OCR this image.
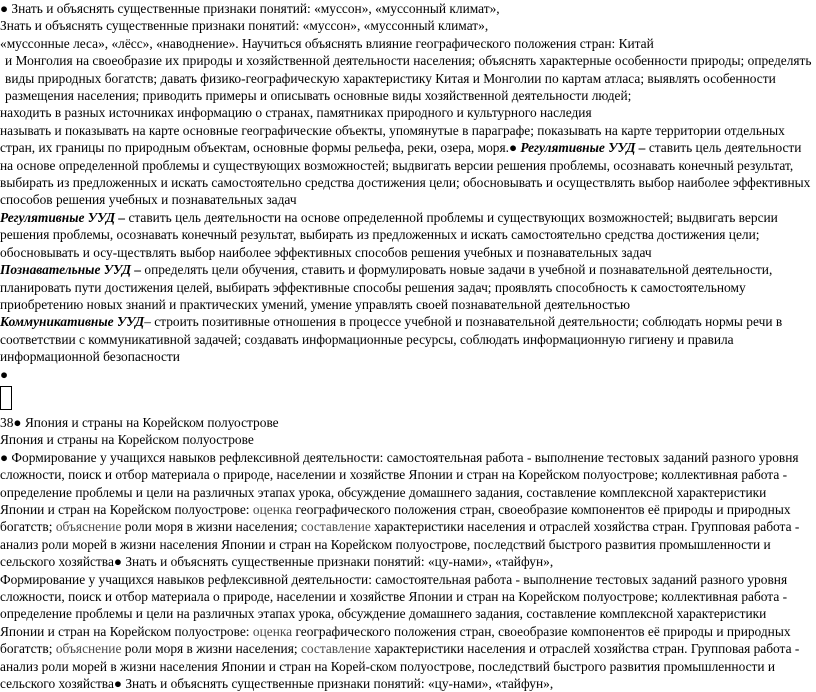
● Знать и объяснять существенные признаки понятий: «муссон», «муссонный климат»,

Знать и объяснять существенные признаки понятий: «муссон», «муссонный климат»,

«муссонные леса», «лёсс», «наводнение». Научиться объяснять влияние географического положения стран: Китай

и Монголия на своеобразие их природы и хозяйственной деятельности населения; объяснять характерные особенности природы; определять виды природных богатств; давать физико-географическую характеристику Китая и Монголии по картам атласа; выявлять особенности размещения населения; приводить примеры и описывать основные виды хозяйственной деятельности людей;

находить в разных источниках информацию о странах, памятниках природного и культурного наследия

называть и показывать на карте основные географические объекты, упомянутые в параграфе; показывать на карте территории отдельных стран, их границы по природным объектам, основные формы рельефа, реки, озера, моря.● Регулятивные УУД – ставить цель деятельности на основе определенной проблемы и существующих возможностей; выдвигать версии решения проблемы, осознавать конечный результат, выбирать из предложенных и искать самостоятельно средства достижения цели; обосновывать и осуществлять выбор наиболее эффективных способов решения учебных и познавательных задач

Регулятивные УУД – ставить цель деятельности на основе определенной проблемы и существующих возможностей; выдвигать версии решения проблемы, осознавать конечный результат, выбирать из предложенных и искать самостоятельно средства достижения цели; обосновывать и осу-ществлять выбор наиболее эффективных способов решения учебных и познавательных задач

Познавательные УУД – определять цели обучения, ставить и формулировать новые задачи в учебной и познавательной деятельности, планировать пути достижения целей, выбирать эффективные способы решения задач; проявлять способность к самостоятельному приобретению новых знаний и практических умений, умение управлять своей познавательной деятельностью

Коммуникативные УУД– строить позитивные отношения в процессе учебной и познавательной деятельности; соблюдать нормы речи в соответствии с коммуникативной задачей; создавать информационные ресурсы, соблюдать информационную гигиену и правила информационной безопасности

●

38● Япония и страны на Корейском полуострове

Япония и страны на Корейском полуострове

● Формирование у учащихся навыков рефлексивной деятельности: самостоятельная работа - выполнение тестовых заданий разного уровня сложности, поиск и отбор материала о природе, населении и хозяйстве Японии и стран на Корейском полуострове; коллективная работа - определение проблемы и цели на различных этапах урока, обсуждение домашнего задания, составление комплексной характеристики Японии и стран на Корейском полуострове: оценка географического положения стран, своеобразие компонентов её природы и природных богатств; объяснение роли моря в жизни населения; составление характеристики населения и отраслей хозяйства стран. Групповая работа - анализ роли морей в жизни населения Японии и стран на Корейском полуострове, последствий быстрого развития промышленности и сельского хозяйства● Знать и объяснять существенные признаки понятий: «цу-нами», «тайфун»,

Формирование у учащихся навыков рефлексивной деятельности: самостоятельная работа - выполнение тестовых заданий разного уровня сложности, поиск и отбор материала о природе, населении и хозяйстве Японии и стран на Корейском полуострове; коллективная работа - определение проблемы и цели на различных этапах урока, обсуждение домашнего задания, составление комплексной характеристики Японии и стран на Корейском полуострове: оценка географического положения стран, своеобразие компонентов её природы и природных богатств; объяснение роли моря в жизни населения; составление характеристики населения и отраслей хозяйства стран. Групповая работа - анализ роли морей в жизни населения Японии и стран на Корей-ском полуострове, последствий быстрого развития промышленности и сельского хозяйства● Знать и объяснять существенные признаки понятий: «цу-нами», «тайфун»,
